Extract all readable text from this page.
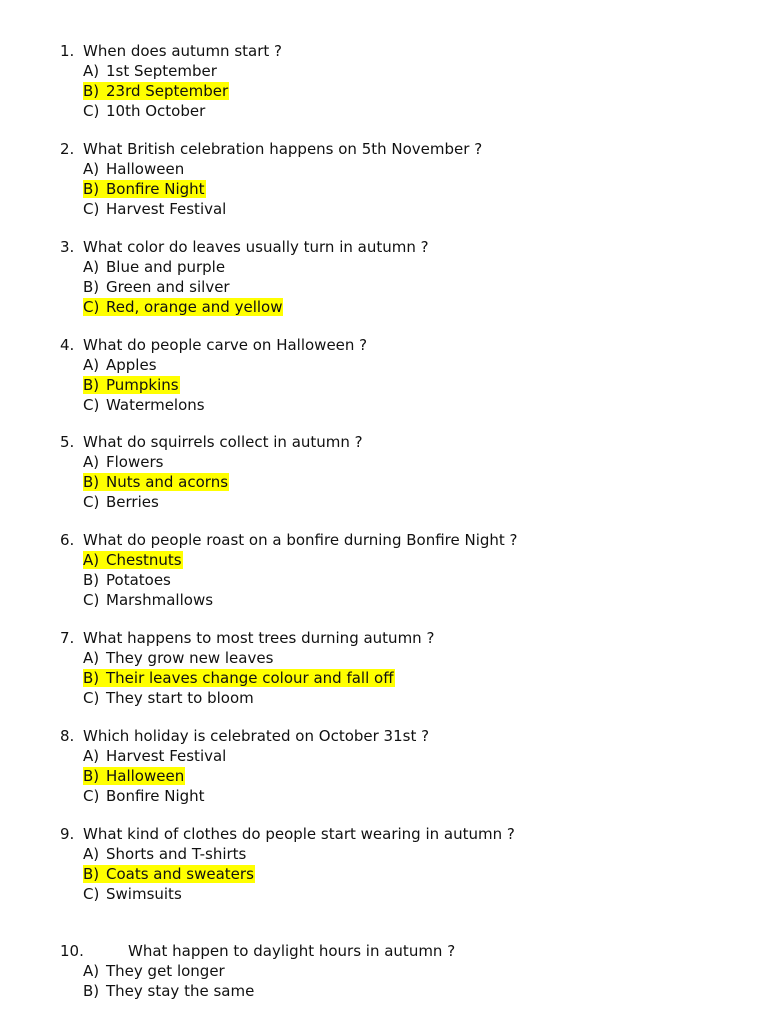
1. When does autumn start ?
A) 1st September
B) 23rd September
C) 10th October
2. What British celebration happens on 5th November ?
A) Halloween
B) Bonfire Night
C) Harvest Festival
3. What color do leaves usually turn in autumn ?
A) Blue and purple
B) Green and silver
C) Red, orange and yellow
4. What do people carve on Halloween ?
A) Apples
B) Pumpkins
C) Watermelons
5. What do squirrels collect in autumn ?
A) Flowers
B) Nuts and acorns
C) Berries
6. What do people roast on a bonfire durning Bonfire Night ?
A) Chestnuts
B) Potatoes
C) Marshmallows
7. What happens to most trees durning autumn ?
A) They grow new leaves
B) Their leaves change colour and fall off
C) They start to bloom
8. Which holiday is celebrated on October 31st ?
A) Harvest Festival
B) Halloween
C) Bonfire Night
9. What kind of clothes do people start wearing in autumn ?
A) Shorts and T-shirts
B) Coats and sweaters
C) Swimsuits
10.	What happen to daylight hours in autumn ?
A) They get longer
B) They stay the same
